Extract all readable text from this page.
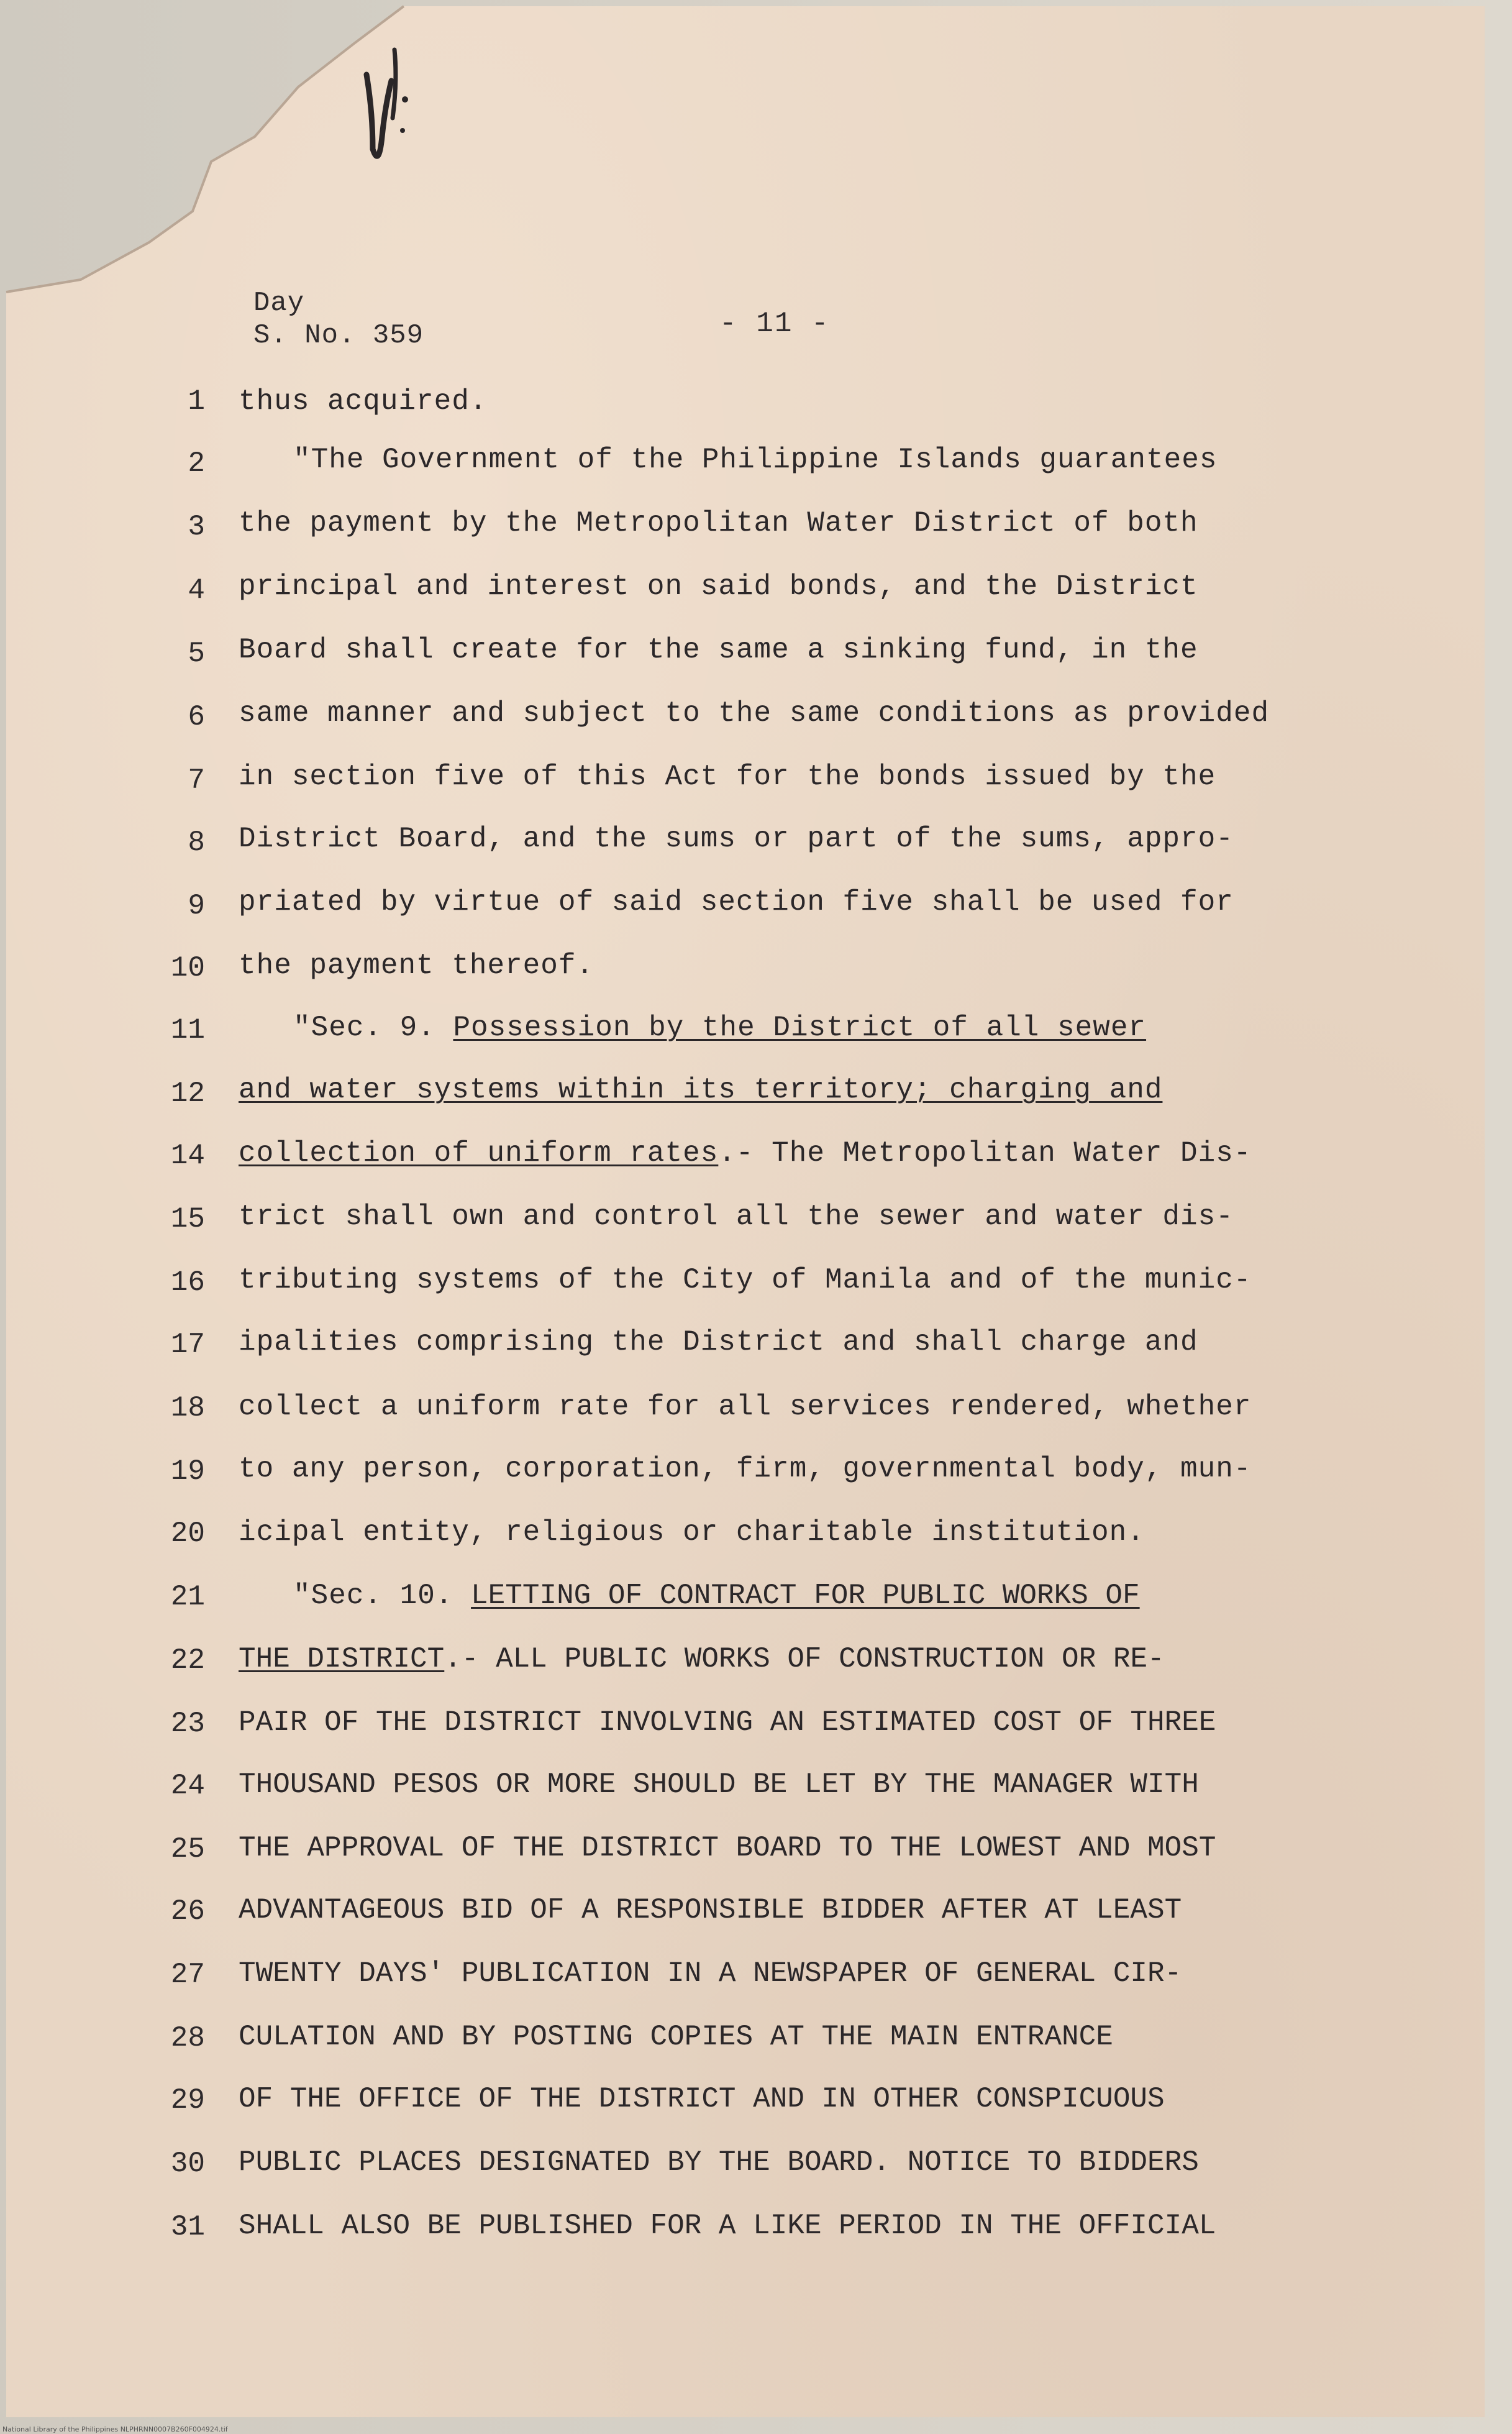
Day
S. No. 359	- 11 -
1 thus acquired.
2	"The Government of the Philippine Islands guarantees
3 the payment by the Metropolitan Water District of both
4 principal and interest on said bonds, and the District
5 Board shall create for the same a sinking fund, in the
6 same manner and subject to the same conditions as provided
7 in section five of this Act for the bonds issued by the
8 District Board, and the sums or part of the sums, appro-
9 priated by virtue of said section five shall be used for
10 the payment thereof.
11	"Sec. 9. Possession by the District of all sewer
12 and water systems within its territory; charging and
14 collection of uniform rates.- The Metropolitan Water Dis-
15 trict shall own and control all the sewer and water dis-
16 tributing systems of the City of Manila and of the munic-
17 ipalities comprising the District and shall charge and
18 collect a uniform rate for all services rendered, whether
19 to any person, corporation, firm, governmental body, mun-
20 icipal entity, religious or charitable institution.
21	"Sec. 10. LETTING OF CONTRACT FOR PUBLIC WORKS OF
22 THE DISTRICT.- ALL PUBLIC WORKS OF CONSTRUCTION OR RE-
23 PAIR OF THE DISTRICT INVOLVING AN ESTIMATED COST OF THREE
24 THOUSAND PESOS OR MORE SHOULD BE LET BY THE MANAGER WITH
25 THE APPROVAL OF THE DISTRICT BOARD TO THE LOWEST AND MOST
26 ADVANTAGEOUS BID OF A RESPONSIBLE BIDDER AFTER AT LEAST
27 TWENTY DAYS' PUBLICATION IN A NEWSPAPER OF GENERAL CIR-
28 CULATION AND BY POSTING COPIES AT THE MAIN ENTRANCE
29 OF THE OFFICE OF THE DISTRICT AND IN OTHER CONSPICUOUS
30 PUBLIC PLACES DESIGNATED BY THE BOARD. NOTICE TO BIDDERS
31 SHALL ALSO BE PUBLISHED FOR A LIKE PERIOD IN THE OFFICIAL
National Library of the Philippines NLPHRNN0007B260F004924.tif
